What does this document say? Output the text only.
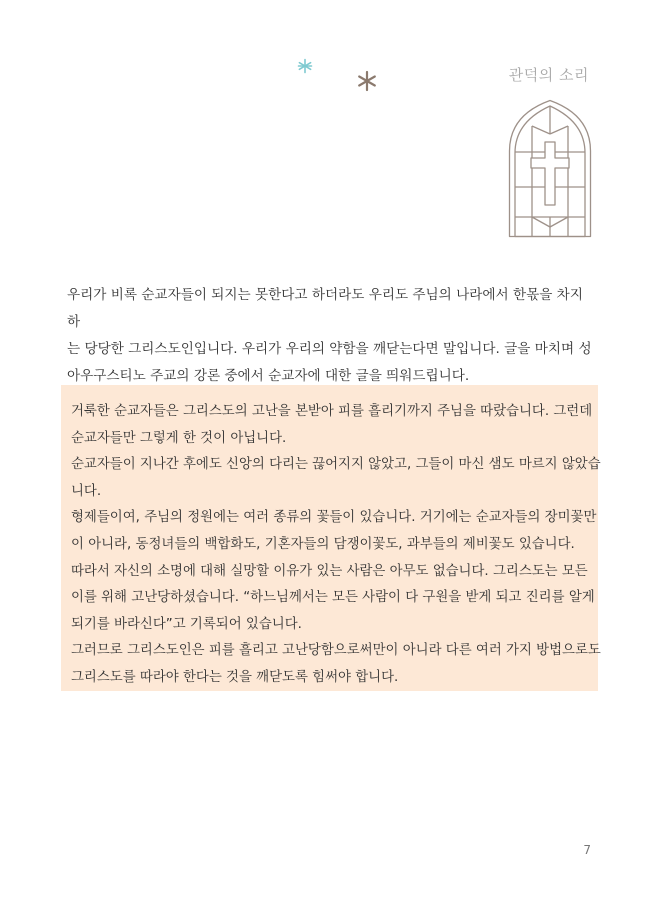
관덕의 소리

우리가 비록 순교자들이 되지는 못한다고 하더라도 우리도 주님의 나라에서 한몫을 차지하

는 당당한 그리스도인입니다. 우리가 우리의 약함을 깨닫는다면 말입니다. 글을 마치며 성

아우구스티노 주교의 강론 중에서 순교자에 대한 글을 띄워드립니다.

거룩한 순교자들은 그리스도의 고난을 본받아 피를 흘리기까지 주님을 따랐습니다. 그런데

순교자들만 그렇게 한 것이 아닙니다.

순교자들이 지나간 후에도 신앙의 다리는 끊어지지 않았고, 그들이 마신 샘도 마르지 않았습

니다.

형제들이여, 주님의 정원에는 여러 종류의 꽃들이 있습니다. 거기에는 순교자들의 장미꽃만

이 아니라, 동정녀들의 백합화도, 기혼자들의 담쟁이꽃도, 과부들의 제비꽃도 있습니다.

따라서 자신의 소명에 대해 실망할 이유가 있는 사람은 아무도 없습니다. 그리스도는 모든

이를 위해 고난당하셨습니다. “하느님께서는 모든 사람이 다 구원을 받게 되고 진리를 알게

되기를 바라신다”고 기록되어 있습니다.

그러므로 그리스도인은 피를 흘리고 고난당함으로써만이 아니라 다른 여러 가지 방법으로도

그리스도를 따라야 한다는 것을 깨닫도록 힘써야 합니다.

7
